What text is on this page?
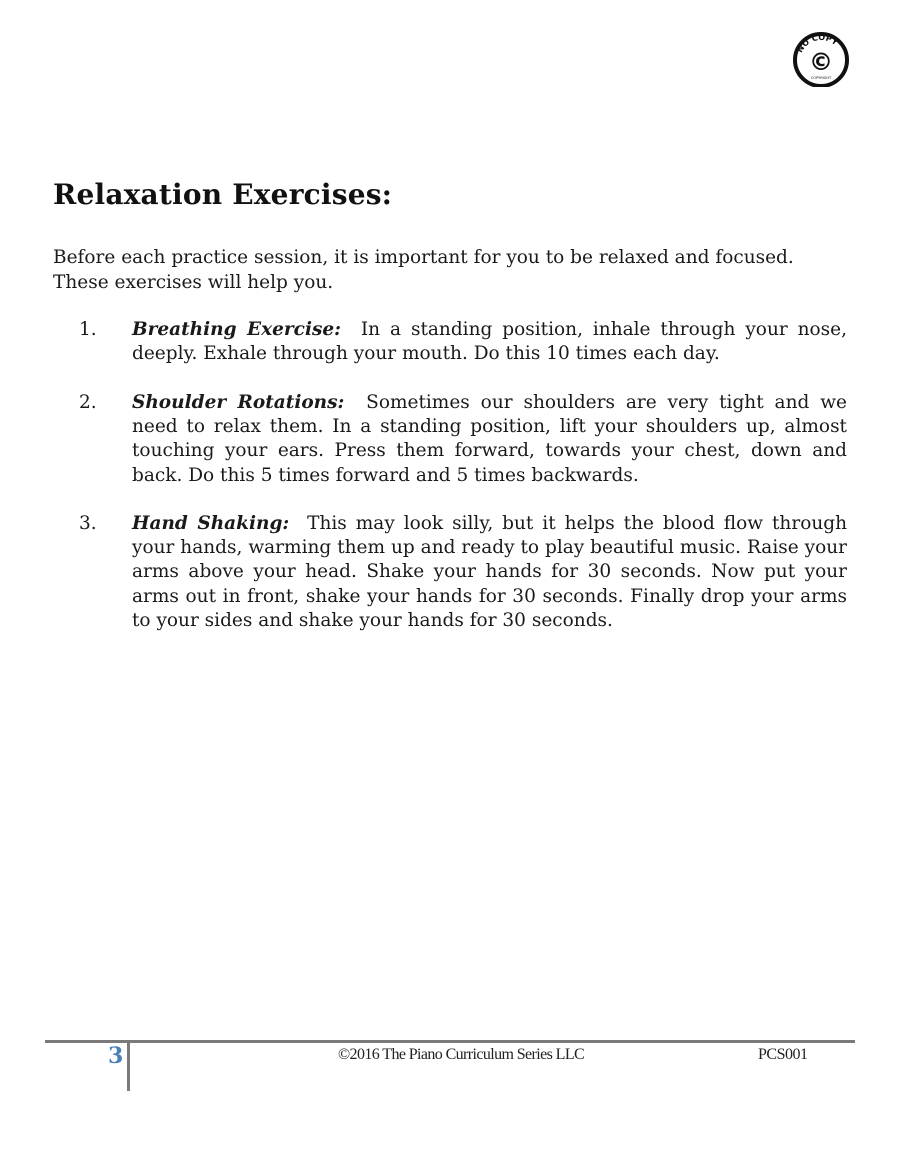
NO COPY
©
COPYRIGHT
Relaxation Exercises:

Before each practice session, it is important for you to be relaxed and focused. These exercises will help you.

1. Breathing Exercise: In a standing position, inhale through your nose, deeply. Exhale through your mouth. Do this 10 times each day.

2. Shoulder Rotations: Sometimes our shoulders are very tight and we need to relax them. In a standing position, lift your shoulders up, almost touching your ears. Press them forward, towards your chest, down and back. Do this 5 times forward and 5 times backwards.

3. Hand Shaking: This may look silly, but it helps the blood flow through your hands, warming them up and ready to play beautiful music. Raise your arms above your head. Shake your hands for 30 seconds. Now put your arms out in front, shake your hands for 30 seconds. Finally drop your arms to your sides and shake your hands for 30 seconds.

3	©2016 The Piano Curriculum Series LLC	PCS001
